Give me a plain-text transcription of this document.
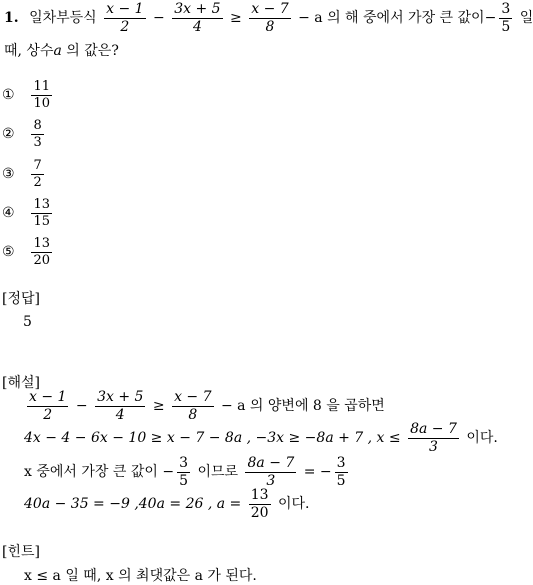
1. 일차부등식 $\frac{x - 1}{2} - \frac{3x + 5}{4} \ge \frac{x - 7}{8} - a$ 의 해 중에서 가장 큰 값이− $\frac{3}{5}$ 일
때, 상수a 의 값은?
① $\frac{11}{10}$
② $\frac{8}{3}$
③ $\frac{7}{2}$
④ $\frac{13}{15}$
⑤ $\frac{13}{20}$
[정답]
5
[해설]
$\frac{x - 1}{2} - \frac{3x + 5}{4} \ge \frac{x - 7}{8} - a$ 의 양변에 8 을 곱하면
4x − 4 − 6x − 10 ≥ x − 7 − 8a , −3x ≥ −8a + 7 , $x \le \frac{8a - 7}{3}$ 이다.
x 중에서 가장 큰 값이 − $\frac{3}{5}$ 이므로 $\frac{8a - 7}{3}$ = − $\frac{3}{5}$
40a − 35 = −9 ,40a = 26 , $a = \frac{13}{20}$ 이다.
[힌트]
x ≤ a 일 때, x 의 최댓값은 a 가 된다.
